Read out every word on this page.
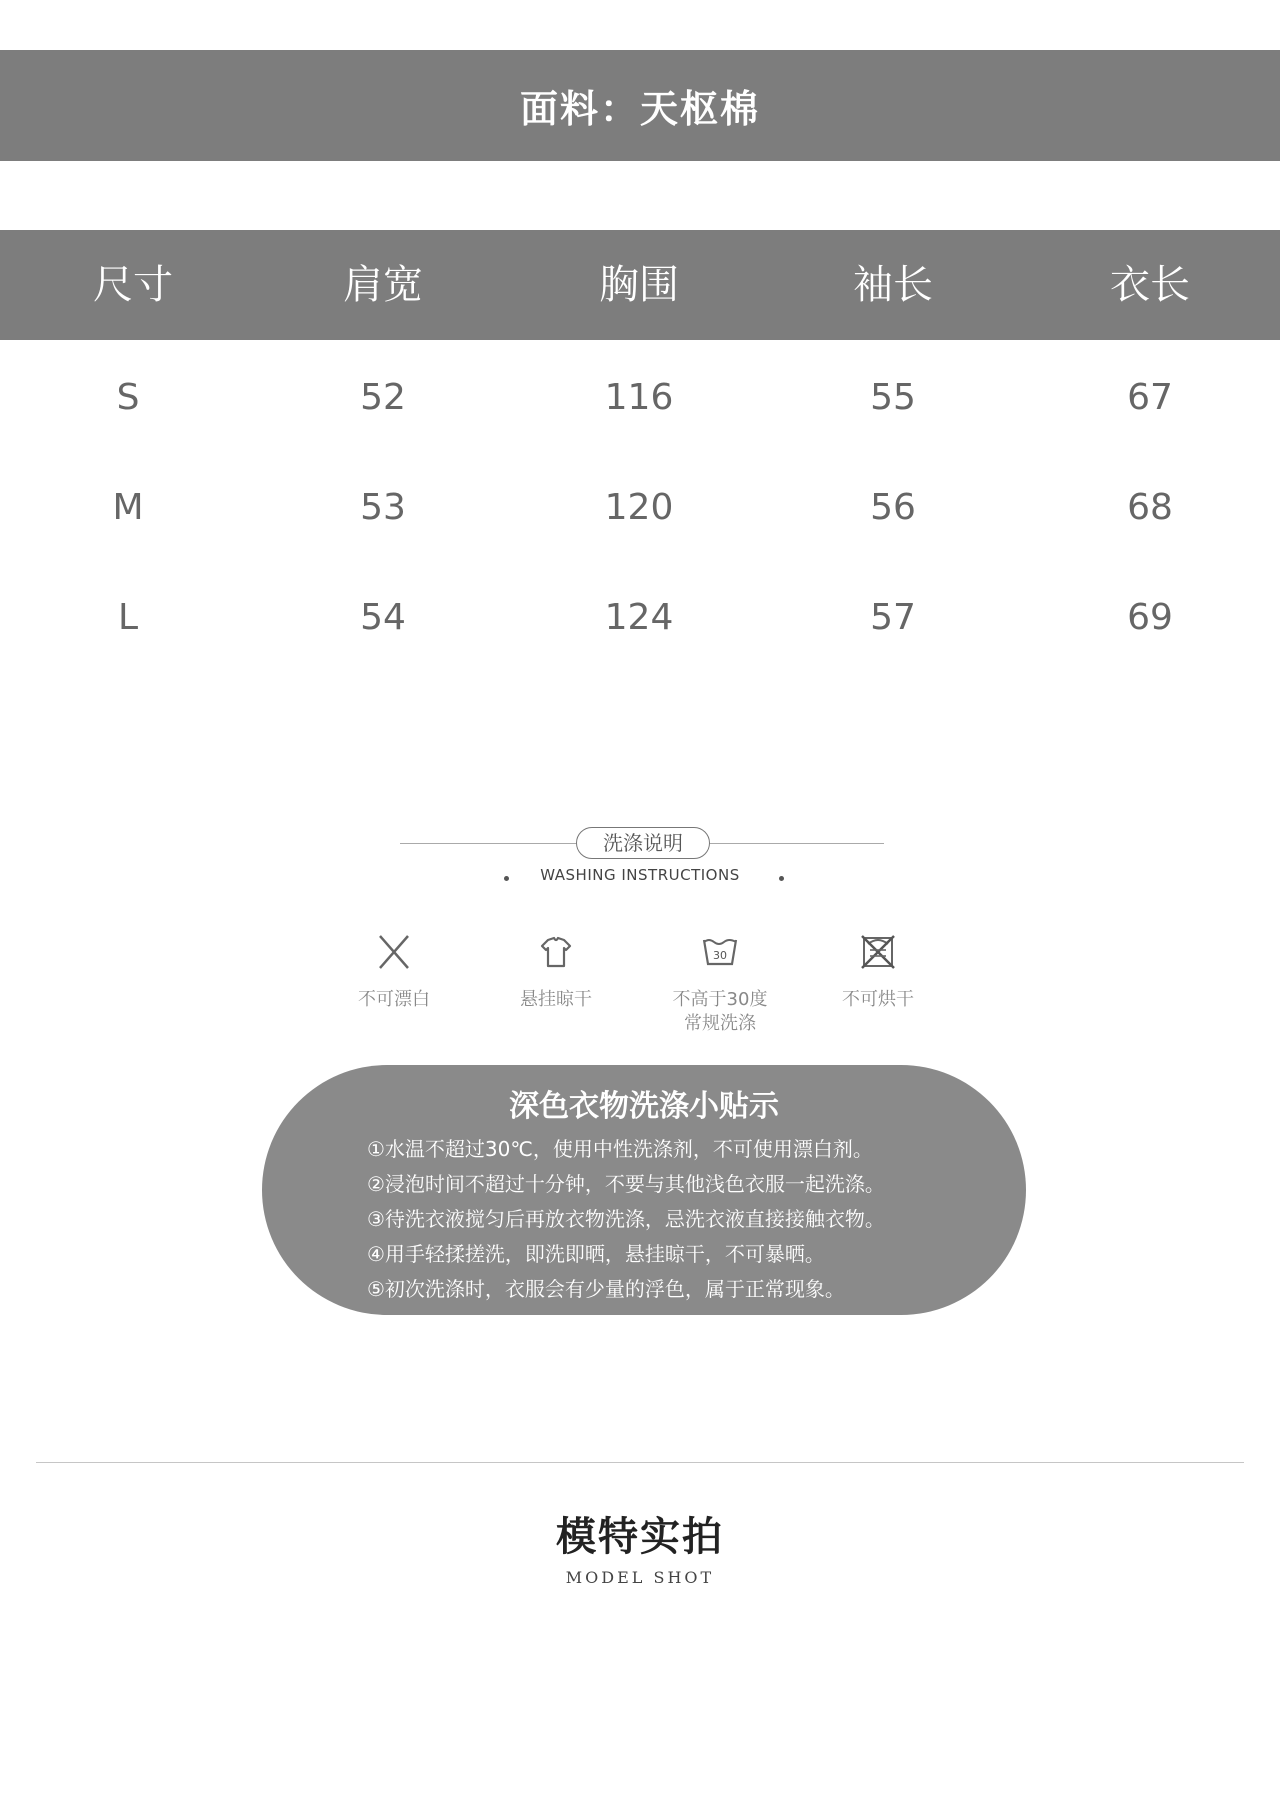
面料：天枢棉
尺寸	肩宽	胸围	袖长	衣长
S	52	116	55	67
M	53	120	56	68
L	54	124	57	69
洗涤说明
WASHING INSTRUCTIONS
不可漂白	悬挂晾干
30
不高于30度
常规洗涤
不可烘干
深色衣物洗涤小贴示
①水温不超过30℃，使用中性洗涤剂，不可使用漂白剂。
②浸泡时间不超过十分钟，不要与其他浅色衣服一起洗涤。
③待洗衣液搅匀后再放衣物洗涤，忌洗衣液直接接触衣物。
④用手轻揉搓洗，即洗即晒，悬挂晾干，不可暴晒。
⑤初次洗涤时，衣服会有少量的浮色，属于正常现象。
模特实拍
MODEL SHOT
